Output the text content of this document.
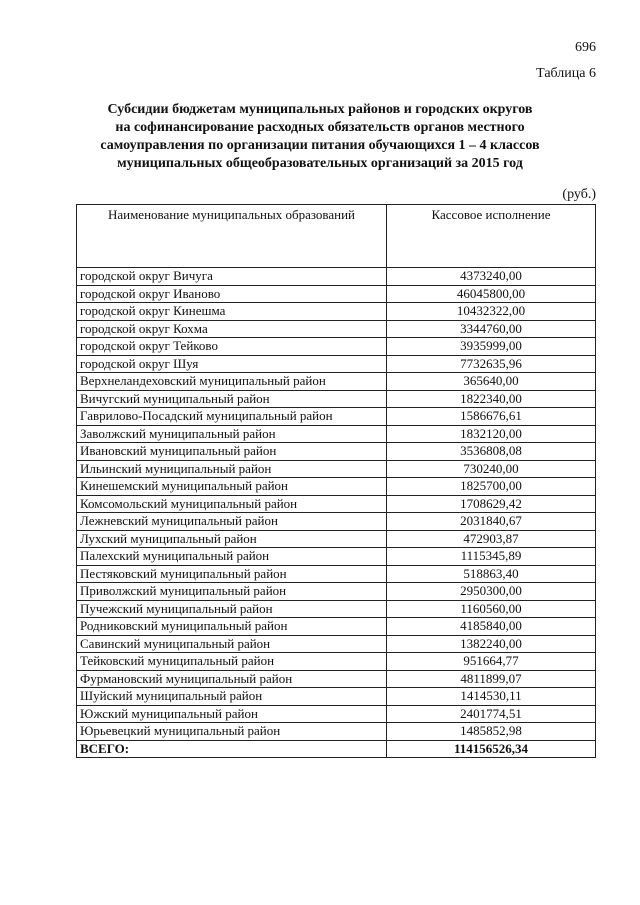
696
Таблица 6
Субсидии бюджетам муниципальных районов и городских округов
на софинансирование расходных обязательств органов местного
самоуправления по организации питания обучающихся 1 – 4 классов
муниципальных общеобразовательных организаций за 2015 год
(руб.)
Наименование муниципальных образований	Кассовое исполнение
городской округ Вичуга	4373240,00
городской округ Иваново	46045800,00
городской округ Кинешма	10432322,00
городской округ Кохма	3344760,00
городской округ Тейково	3935999,00
городской округ Шуя	7732635,96
Верхнеландеховский муниципальный район	365640,00
Вичугский муниципальный район	1822340,00
Гаврилово-Посадский муниципальный район	1586676,61
Заволжский муниципальный район	1832120,00
Ивановский муниципальный район	3536808,08
Ильинский муниципальный район	730240,00
Кинешемский муниципальный район	1825700,00
Комсомольский муниципальный район	1708629,42
Лежневский муниципальный район	2031840,67
Лухский муниципальный район	472903,87
Палехский муниципальный район	1115345,89
Пестяковский муниципальный район	518863,40
Приволжский муниципальный район	2950300,00
Пучежский муниципальный район	1160560,00
Родниковский муниципальный район	4185840,00
Савинский муниципальный район	1382240,00
Тейковский муниципальный район	951664,77
Фурмановский муниципальный район	4811899,07
Шуйский муниципальный район	1414530,11
Южский муниципальный район	2401774,51
Юрьевецкий муниципальный район	1485852,98
ВСЕГО:	114156526,34
